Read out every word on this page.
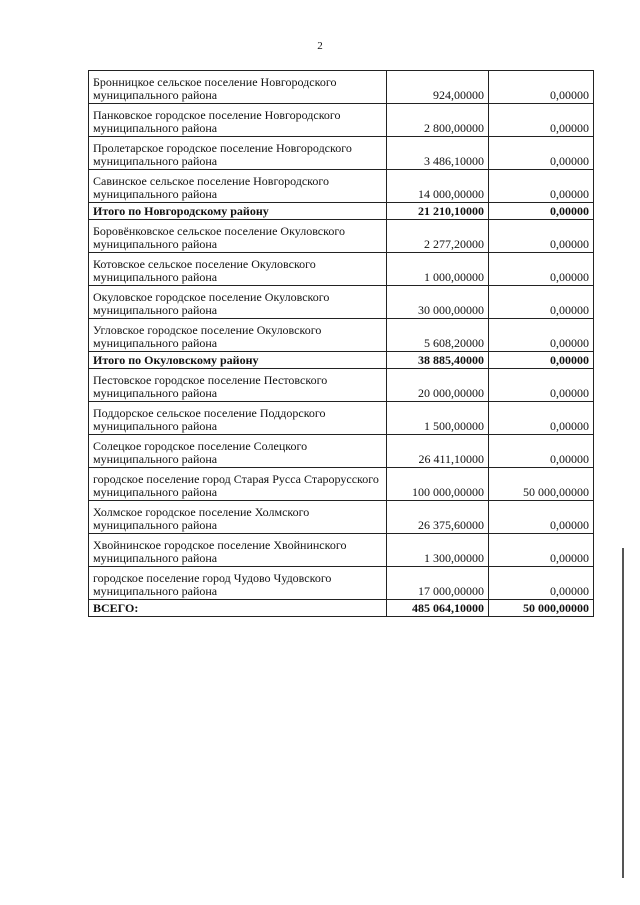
2
Бронницкое сельское поселение Новгородского муниципального района	924,00000	0,00000
Панковское городское поселение Новгородского муниципального района	2 800,00000	0,00000
Пролетарское городское поселение Новгородского муниципального района	3 486,10000	0,00000
Савинское сельское поселение Новгородского муниципального района	14 000,00000	0,00000
Итого по Новгородскому району	21 210,10000	0,00000
Боровёнковское сельское поселение Окуловского муниципального района	2 277,20000	0,00000
Котовское сельское поселение Окуловского муниципального района	1 000,00000	0,00000
Окуловское городское поселение Окуловского муниципального района	30 000,00000	0,00000
Угловское городское поселение Окуловского муниципального района	5 608,20000	0,00000
Итого по Окуловскому району	38 885,40000	0,00000
Пестовское городское поселение Пестовского муниципального района	20 000,00000	0,00000
Поддорское сельское поселение Поддорского муниципального района	1 500,00000	0,00000
Солецкое городское поселение Солецкого муниципального района	26 411,10000	0,00000
городское поселение город Старая Русса Старорусского муниципального района	100 000,00000	50 000,00000
Холмское городское поселение Холмского муниципального района	26 375,60000	0,00000
Хвойнинское городское поселение Хвойнинского муниципального района	1 300,00000	0,00000
городское поселение город Чудово Чудовского муниципального района	17 000,00000	0,00000
ВСЕГО:	485 064,10000	50 000,00000
